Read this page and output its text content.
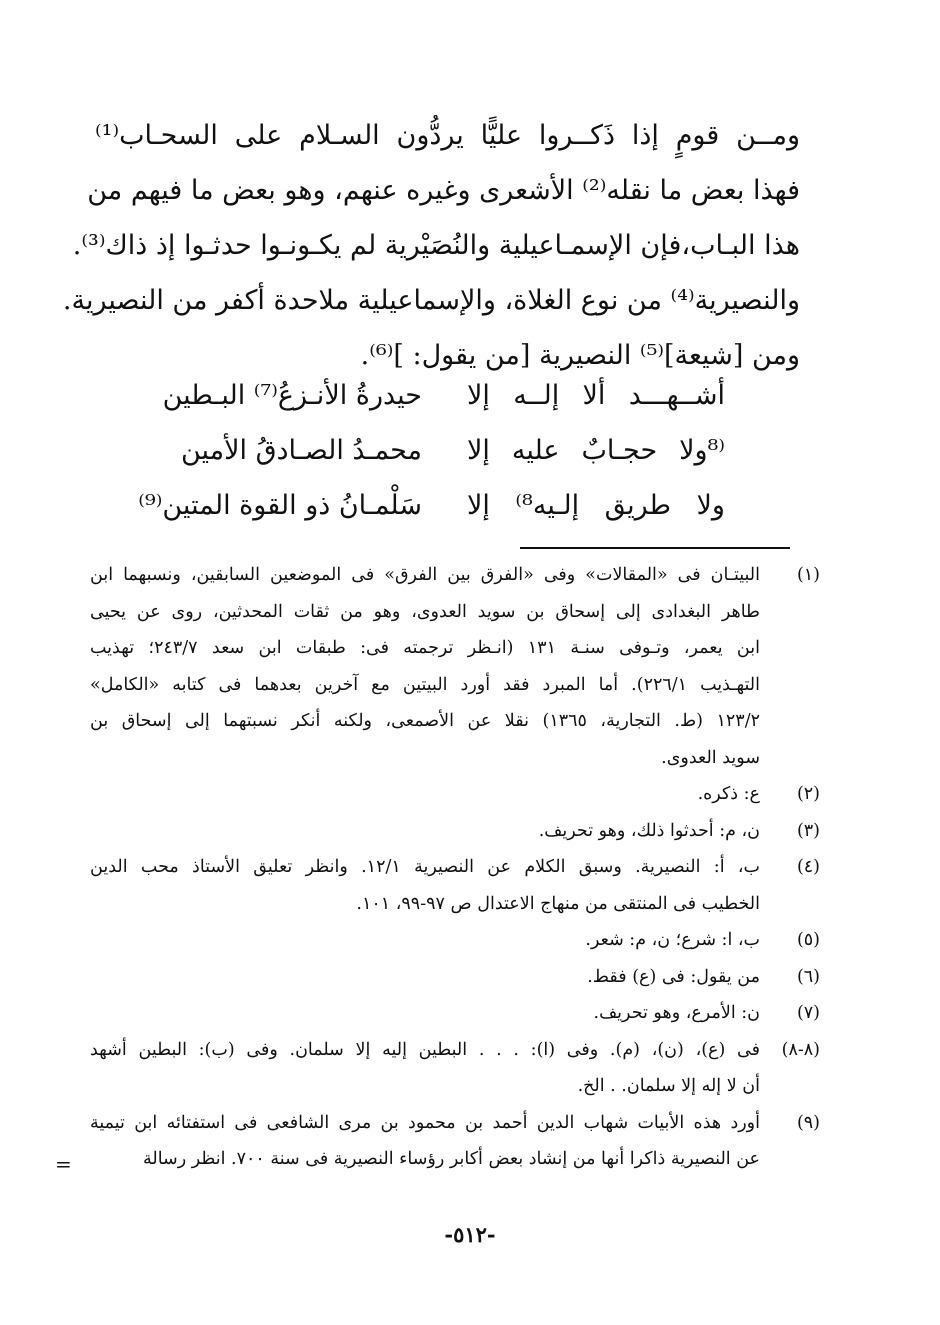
ومــن قومٍ إذا ذَكــروا عليًّا يردُّون السـلام على السحـاب⁽¹⁾
فهذا بعض ما نقله⁽²⁾ الأشعرى وغيره عنهم، وهو بعض ما فيهم من
هذا البـاب،فإن الإسمـاعيلية والنُصَيْرية لم يكـونـوا حدثـوا إذ ذاك⁽³⁾.
والنصيرية⁽⁴⁾ من نوع الغلاة، والإسماعيلية ملاحدة أكفر من النصيرية.
ومن [شيعة]⁽⁵⁾ النصيرية [من يقول: ]⁽⁶⁾.
أشــهـــد ألا إلــه إلا
حيدرةُ الأنـزعُ⁽⁷⁾ البـطين
⁽⁸ولا حجـابٌ عليه إلا
محمـدُ الصـادقُ الأمين
ولا طريق إلـيه⁸⁾ إلا
سَلْمـانُ ذو القوة المتين⁽⁹⁾
(١)
البيتـان فى «المقالات» وفى «الفرق بين الفرق» فى الموضعين السابقين، ونسبهما ابن
طاهر البغدادى إلى إسحاق بن سويد العدوى، وهو من ثقات المحدثين، روى عن يحيى
ابن يعمر، وتـوفى سنـة ١٣١ (انـظر ترجمته فى: طبقات ابن سعد ٢٤٣/٧؛ تهذيب
التهـذيب ٢٢٦/١). أما المبرد فقد أورد البيتين مع آخرين بعدهما فى كتابه «الكامل»
١٢٣/٢ (ط. التجارية، ١٣٦٥) نقلا عن الأصمعى، ولكنه أنكر نسبتهما إلى إسحاق بن
سويد العدوى.
(٢)
ع: ذكره.
(٣)
ن، م: أحدثوا ذلك، وهو تحريف.
(٤)
ب، أ: النصيرية. وسبق الكلام عن النصيرية ١٢/١. وانظر تعليق الأستاذ محب الدين
الخطيب فى المنتقى من منهاج الاعتدال ص ٩٧-٩٩، ١٠١.
(٥)
ب، ا: شرع؛ ن، م: شعر.
(٦)
من يقول: فى (ع) فقط.
(٧)
ن: الأمرع، وهو تحريف.
(٨-٨)
فى (ع)، (ن)، (م). وفى (ا): . . . البطين إليه إلا سلمان. وفى (ب): البطين أشهد
أن لا إله إلا سلمان. . الخ.
(٩)
أورد هذه الأبيات شهاب الدين أحمد بن محمود بن مرى الشافعى فى استفتائه ابن تيمية
عن النصيرية ذاكرا أنها من إنشاد بعض أكابر رؤساء النصيرية فى سنة ٧٠٠. انظر رسالة
=
-٥١٢-
